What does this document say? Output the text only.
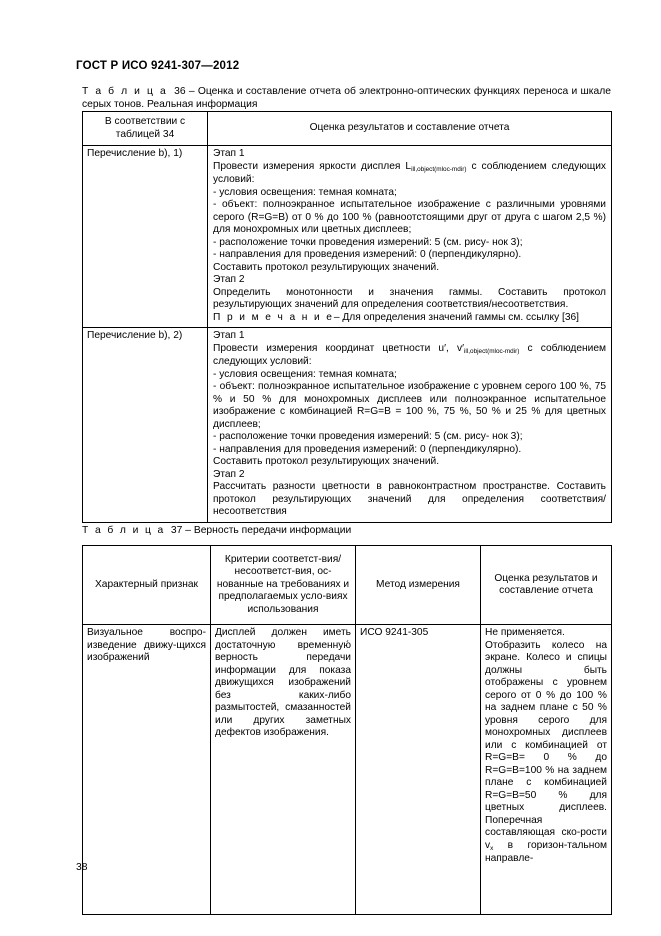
ГОСТ Р ИСО 9241-307—2012
Т а б л и ц а 36 – Оценка и составление отчета об электронно-оптических функциях переноса и шкале серых тонов. Реальная информация
В соответствии с
таблицей 34	Оценка результатов и составление отчета
Перечисление b), 1)	Этап 1
Провести измерения яркости дисплея $L_{ill,object(mloc-mdir)}$ с соблюдением следующих условий:
- условия освещения: темная комната;
- объект: полноэкранное испытательное изображение с различными уровнями серого (R=G=B) от 0 % до 100 % (равноотстоящими друг от друга с шагом 2,5 %) для монохромных или цветных дисплеев;
- расположение точки проведения измерений: 5 (см. рису- нок 3);
- направления для проведения измерений: 0 (перпендикулярно).
Составить протокол результирующих значений.
Этап 2
Определить монотонности и значения гаммы. Составить протокол результирующих значений для определения соответствия/несоответствия.
П р и м е ч а н и е– Для определения значений гаммы см. ссылку [36]

Перечисление b), 2)	Этап 1
Провести измерения координат цветности u′, $v'_{ill,object(mloc-mdir)}$ с соблюдением следующих условий:
- условия освещения: темная комната;
- объект: полноэкранное испытательное изображение с уровнем серого 100 %, 75 % и 50 % для монохромных дисплеев или полноэкранное испытательное изображение с комбинацией R=G=B = 100 %, 75 %, 50 % и 25 % для цветных дисплеев;
- расположение точки проведения измерений: 5 (см. рису- нок 3);
- направления для проведения измерений: 0 (перпендикулярно).
Составить протокол результирующих значений.
Этап 2
Рассчитать разности цветности в равноконтрастном пространстве. Составить протокол результирующих значений для определения соответствия/несоответствия
Т а б л и ц а 37 – Верность передачи информации
Характерный признак	Критерии соответст-вия/несоответст-вия, ос-нованные на требованиях и предполагаемых усло-виях использования	Метод измерения	Оценка результатов и составление отчета
Визуальное воспро-изведение движу-щихся изображений	Дисплей должен иметь достаточную временную́ верность передачи информации для показа движущихся изображений без каких-либо размытостей, смазанностей или других заметных дефектов изображения.	ИСО 9241-305	Не применяется.
Отобразить колесо на экране. Колесо и спицы должны быть отображены с уровнем серого от 0 % до 100 % на заднем плане с 50 % уровня серого для монохромных дисплеев или с комбинацией от R=G=B= 0 % до R=G=B=100 % на заднем плане с комбинацией R=G=B=50 % для цветных дисплеев. Поперечная составляющая ско-рости $v_x$ в горизон-тальном направле-
38
